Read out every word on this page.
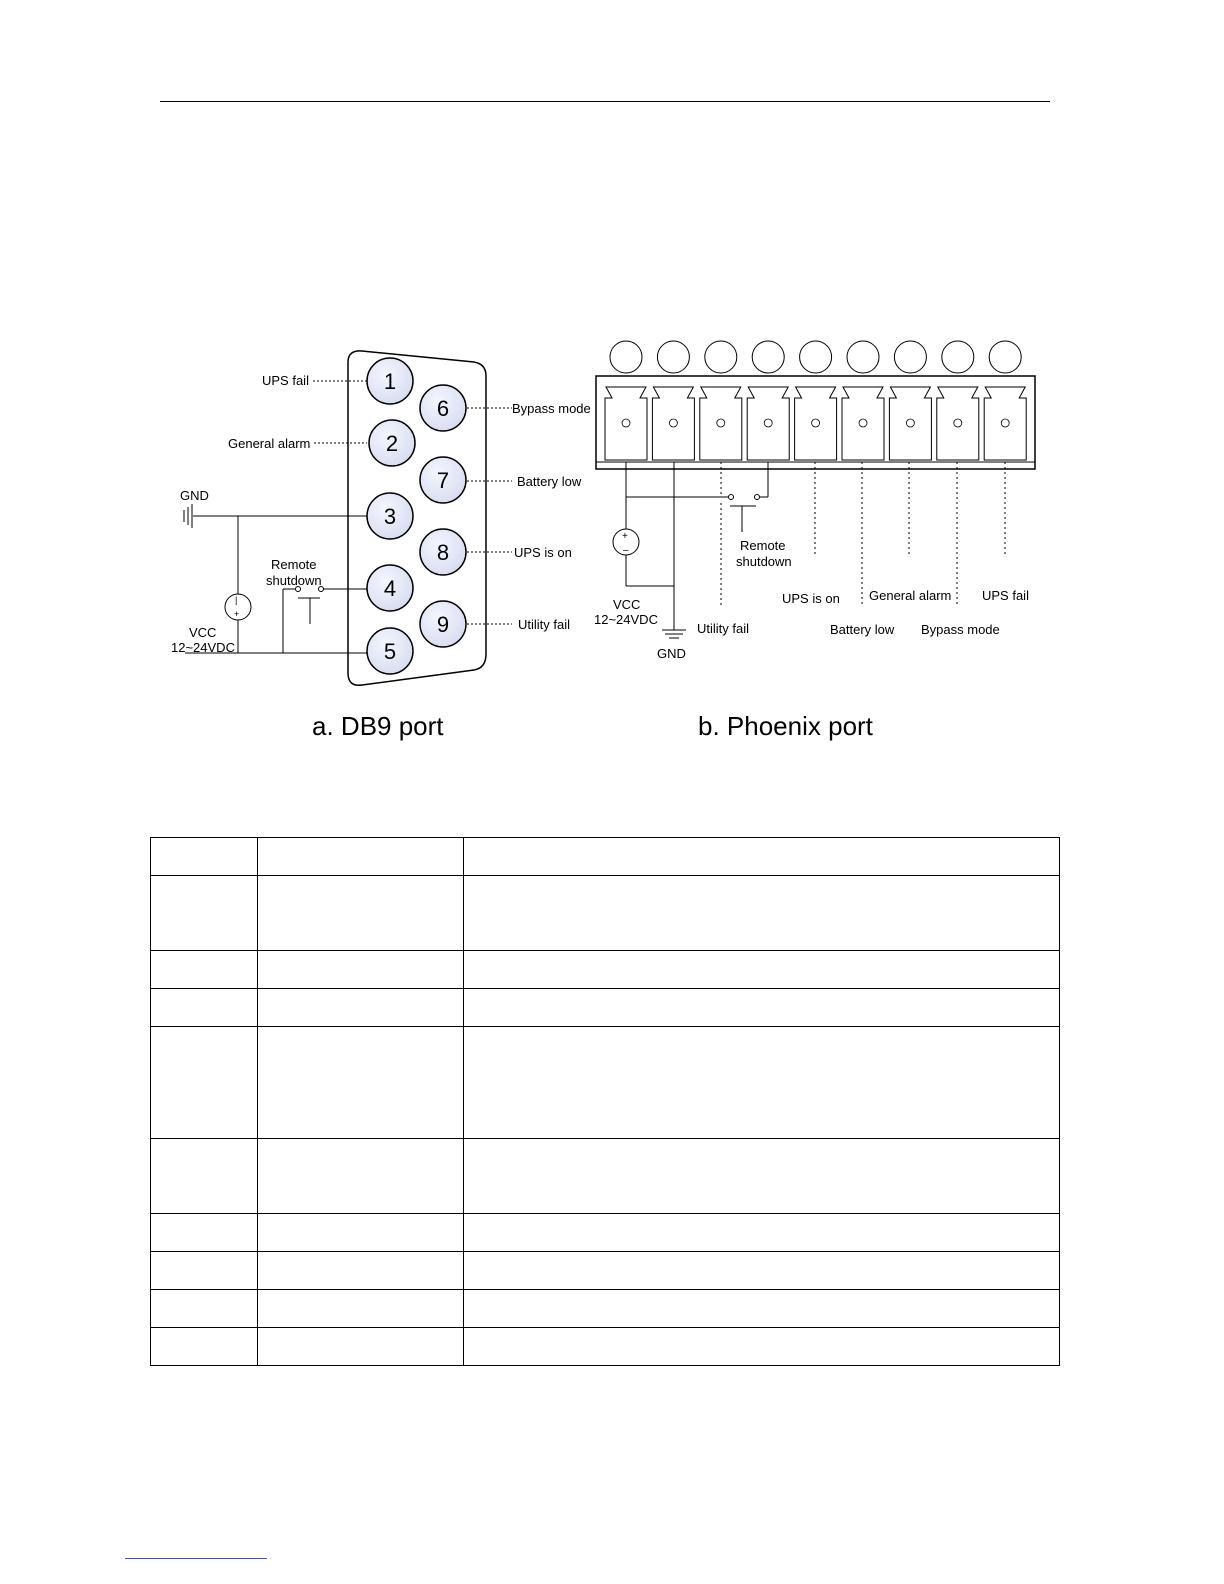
1
2
3
4
5
6
7
8
9
|
+
UPS fail
General alarm
Bypass mode
Battery low
UPS is on
Utility fail
GND
Remote
shutdown
VCC
12~24VDC
+
–	Remote
shutdown
VCC
12~24VDC
GND
Utility fail
UPS is on
Battery low
General alarm
Bypass mode
UPS fail
a. DB9 port	b. Phoenix port
